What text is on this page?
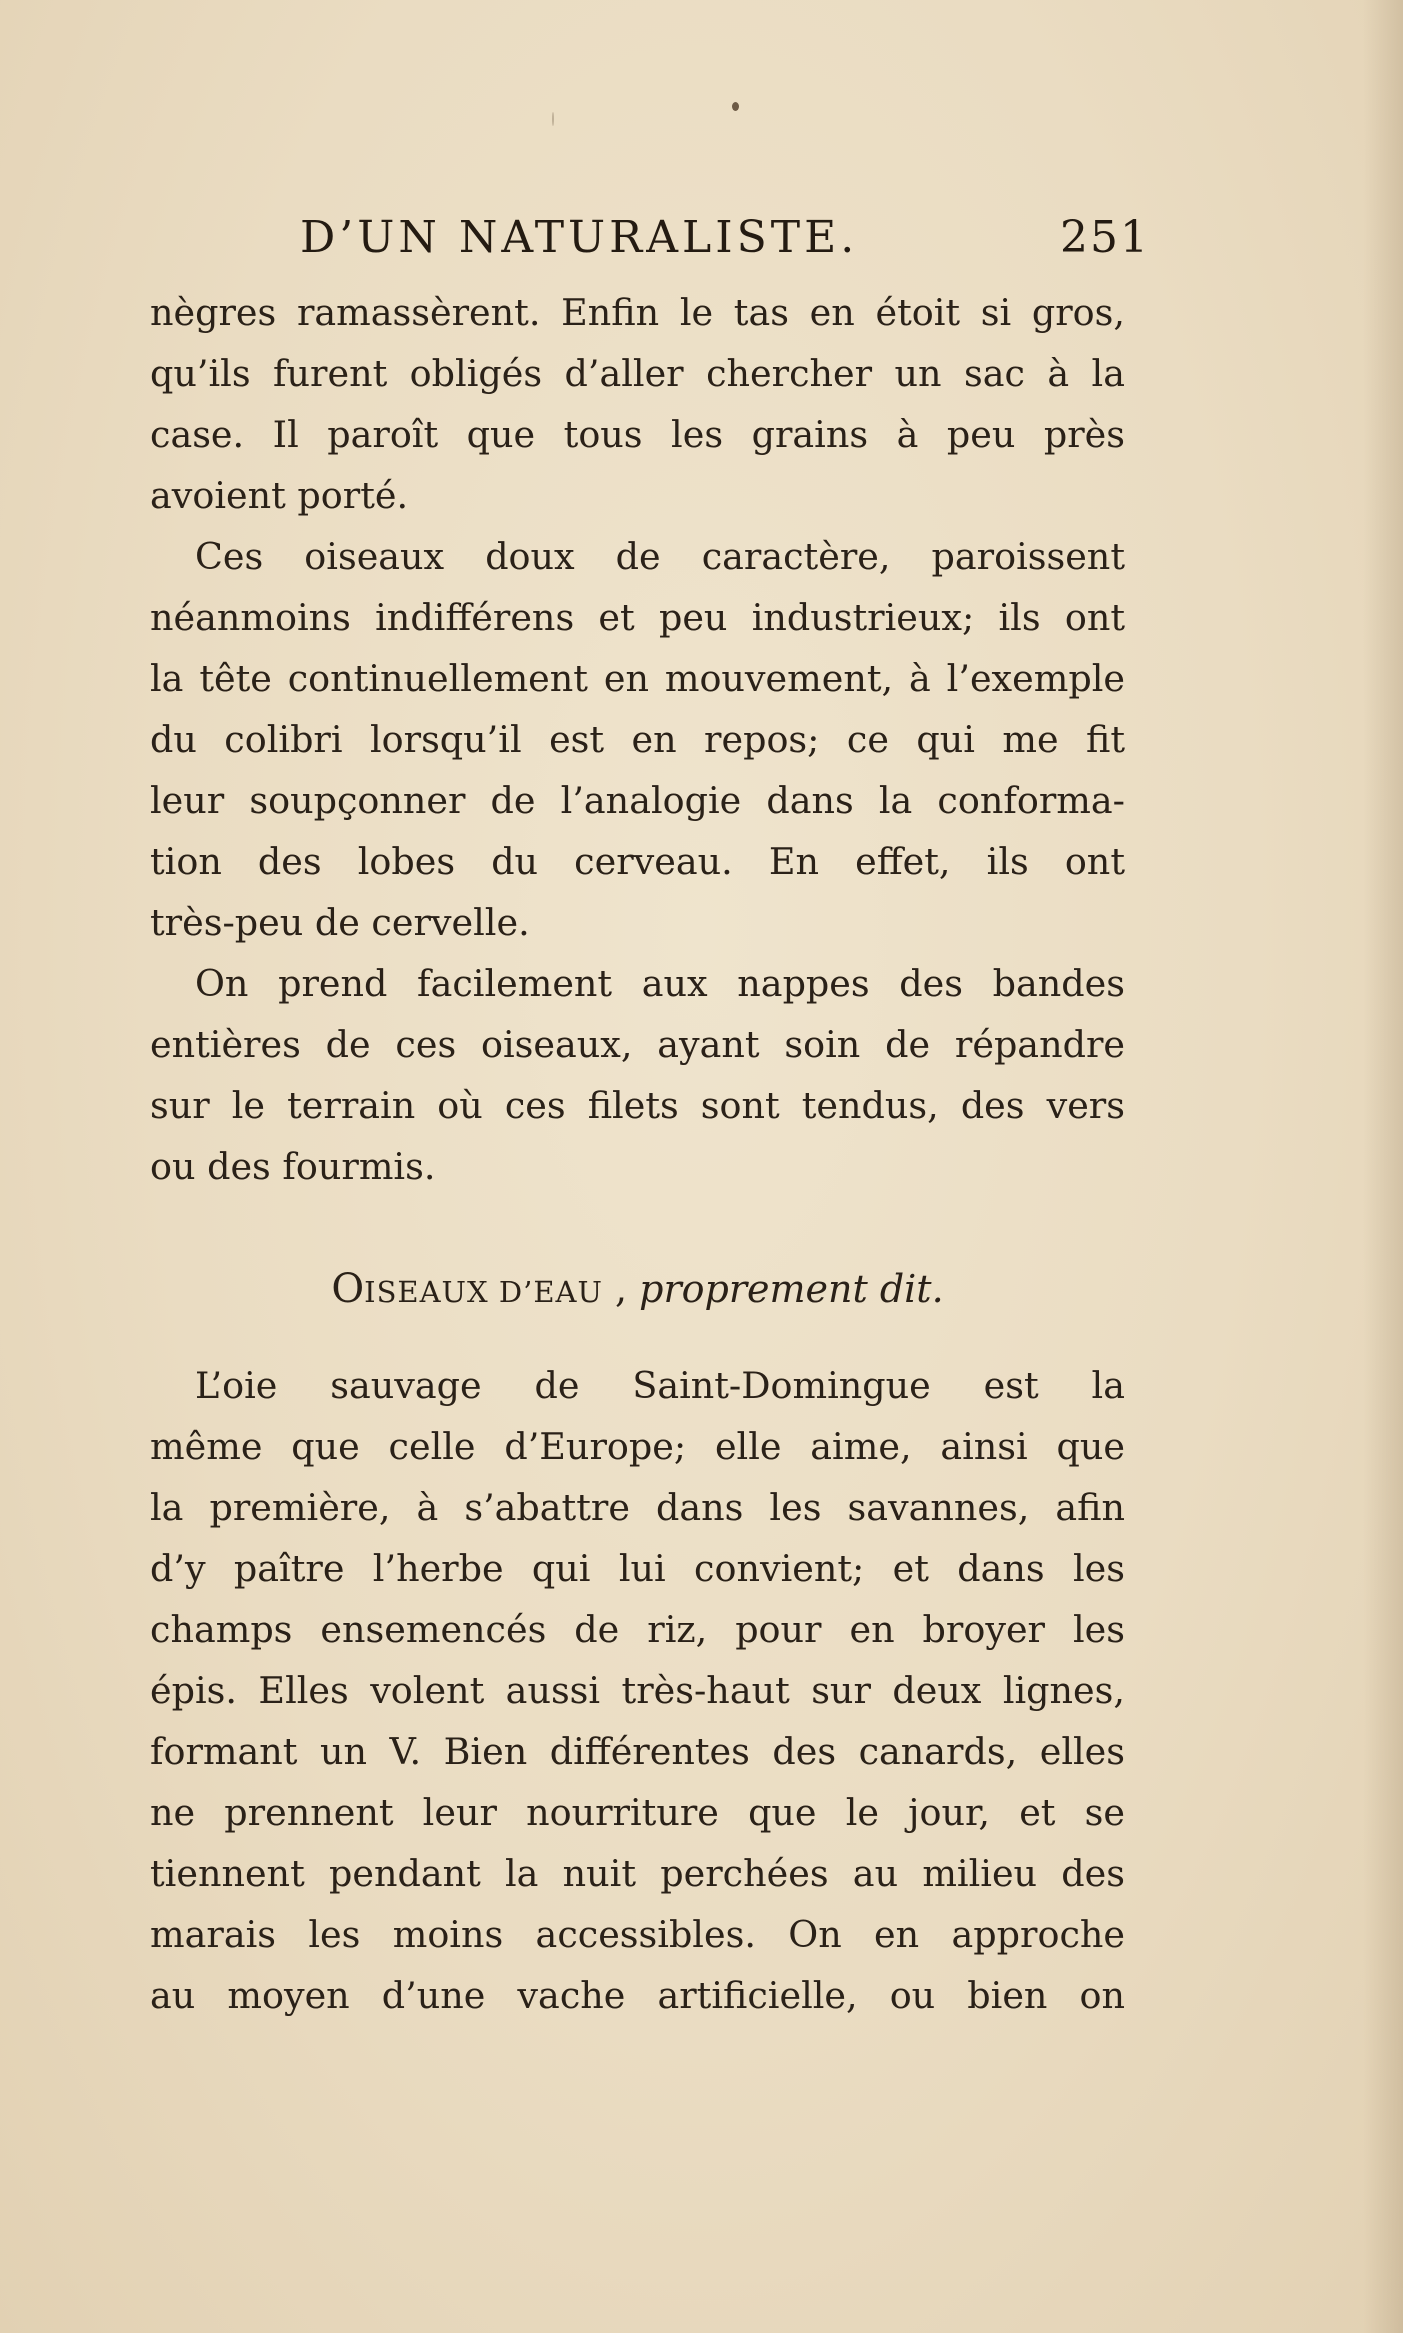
D’UN NATURALISTE.	251
nègres ramassèrent. Enfin le tas en étoit si gros,
qu’ils furent obligés d’aller chercher un sac à la
case. Il paroît que tous les grains à peu près
avoient porté.
Ces oiseaux doux de caractère, paroissent
néanmoins indifférens et peu industrieux; ils ont
la tête continuellement en mouvement, à l’exemple
du colibri lorsqu’il est en repos; ce qui me fit
leur soupçonner de l’analogie dans la conforma-
tion des lobes du cerveau. En effet, ils ont
très-peu de cervelle.
On prend facilement aux nappes des bandes
entières de ces oiseaux, ayant soin de répandre
sur le terrain où ces filets sont tendus, des vers
ou des fourmis.
OISEAUX D’EAU , proprement dit.
L’oie sauvage de Saint-Domingue est la
même que celle d’Europe; elle aime, ainsi que
la première, à s’abattre dans les savannes, afin
d’y paître l’herbe qui lui convient; et dans les
champs ensemencés de riz, pour en broyer les
épis. Elles volent aussi très-haut sur deux lignes,
formant un V. Bien différentes des canards, elles
ne prennent leur nourriture que le jour, et se
tiennent pendant la nuit perchées au milieu des
marais les moins accessibles. On en approche
au moyen d’une vache artificielle, ou bien on
